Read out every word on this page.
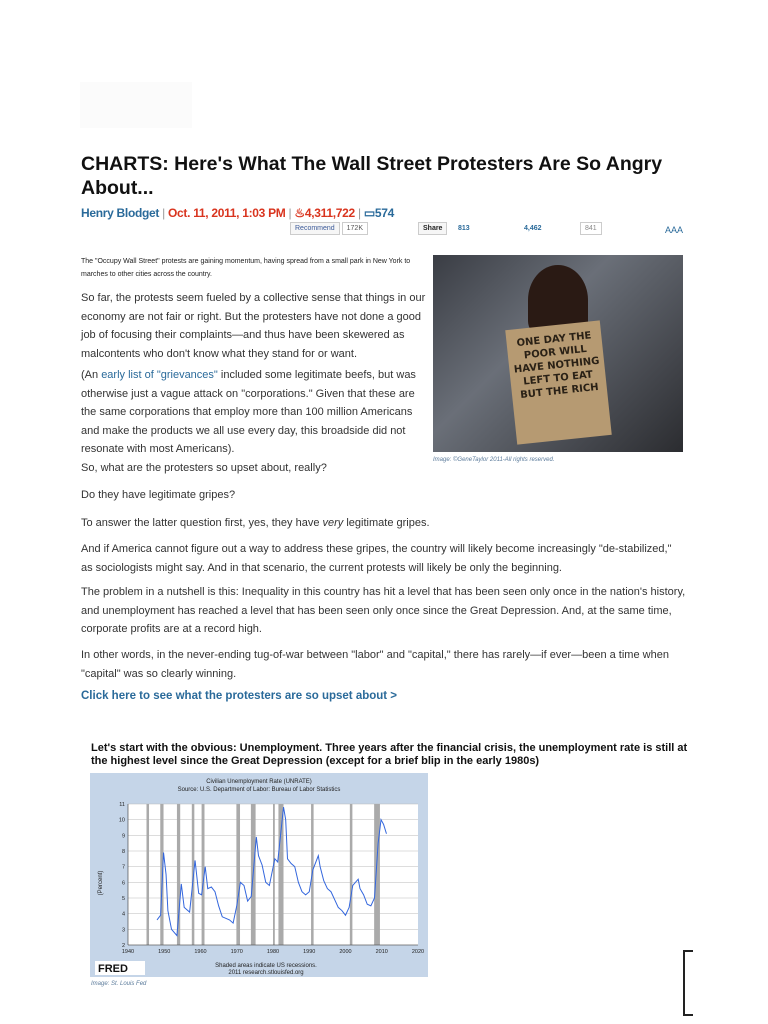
CHARTS: Here's What The Wall Street Protesters Are So Angry About...
Henry Blodget | Oct. 11, 2011, 1:03 PM | ♨4,311,722 | ▭574
Recommend 172K	Share	813	4,462	841	AAA
The "Occupy Wall Street" protests are gaining momentum, having spread from a small park in New York to marches to other cities across the country.
ONE DAY THE POOR WILL HAVE NOTHING LEFT TO EAT BUT THE RICH
Image: ©GeneTaylor 2011-All rights reserved.
So far, the protests seem fueled by a collective sense that things in our economy are not fair or right. But the protesters have not done a good job of focusing their complaints—and thus have been skewered as malcontents who don't know what they stand for or want.
(An early list of "grievances" included some legitimate beefs, but was otherwise just a vague attack on "corporations." Given that these are the same corporations that employ more than 100 million Americans and make the products we all use every day, this broadside did not resonate with most Americans).
So, what are the protesters so upset about, really?
Do they have legitimate gripes?
To answer the latter question first, yes, they have very legitimate gripes.
And if America cannot figure out a way to address these gripes, the country will likely become increasingly "de-stabilized," as sociologists might say. And in that scenario, the current protests will likely be only the beginning.
The problem in a nutshell is this: Inequality in this country has hit a level that has been seen only once in the nation's history, and unemployment has reached a level that has been seen only once since the Great Depression. And, at the same time, corporate profits are at a record high.
In other words, in the never-ending tug-of-war between "labor" and "capital," there has rarely—if ever—been a time when "capital" was so clearly winning.
Click here to see what the protesters are so upset about >
Let's start with the obvious: Unemployment. Three years after the financial crisis, the unemployment rate is still at the highest level since the Great Depression (except for a brief blip in the early 1980s)
Civilian Unemployment Rate (UNRATE)
Source: U.S. Department of Labor: Bureau of Labor Statistics
(Percent)
Shaded areas indicate US recessions.
2011 research.stlouisfed.org
FRED
2
3
4
5
6
7
8
9
10
11
1940	1950	1960	1970	1980	1990	2000	2010	2020
Image: St. Louis Fed
